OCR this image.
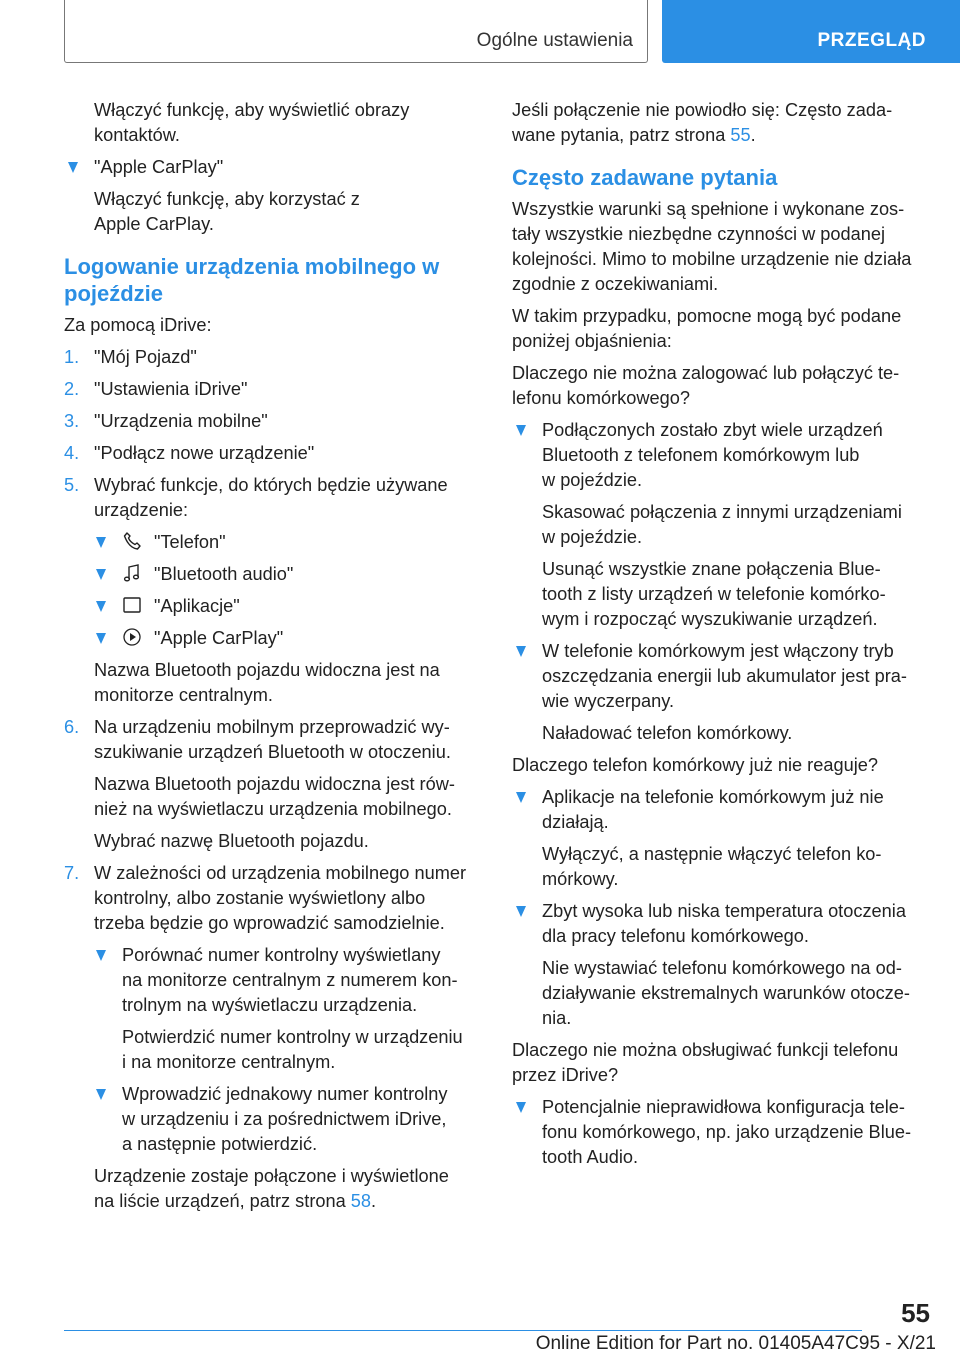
Ogólne ustawienia	PRZEGLĄD
Włączyć funkcję, aby wyświetlić obrazy
kontaktów.
"Apple CarPlay"
Włączyć funkcję, aby korzystać z
Apple CarPlay.
Logowanie urządzenia mobilnego w pojeździe
Za pomocą iDrive:
1. "Mój Pojazd"
2. "Ustawienia iDrive"
3. "Urządzenia mobilne"
4. "Podłącz nowe urządzenie"
5. Wybrać funkcje, do których będzie używane
urządzenie:
"Telefon"
"Bluetooth audio"
"Aplikacje"
"Apple CarPlay"
Nazwa Bluetooth pojazdu widoczna jest na
monitorze centralnym.
6. Na urządzeniu mobilnym przeprowadzić wy-
szukiwanie urządzeń Bluetooth w otoczeniu.
Nazwa Bluetooth pojazdu widoczna jest rów-
nież na wyświetlaczu urządzenia mobilnego.
Wybrać nazwę Bluetooth pojazdu.
7. W zależności od urządzenia mobilnego numer
kontrolny, albo zostanie wyświetlony albo
trzeba będzie go wprowadzić samodzielnie.
Porównać numer kontrolny wyświetlany
na monitorze centralnym z numerem kon-
trolnym na wyświetlaczu urządzenia.
Potwierdzić numer kontrolny w urządzeniu
i na monitorze centralnym.
Wprowadzić jednakowy numer kontrolny
w urządzeniu i za pośrednictwem iDrive,
a następnie potwierdzić.
Urządzenie zostaje połączone i wyświetlone
na liście urządzeń, patrz strona 58.
Jeśli połączenie nie powiodło się: Często zada-
wane pytania, patrz strona 55.
Często zadawane pytania
Wszystkie warunki są spełnione i wykonane zos-
tały wszystkie niezbędne czynności w podanej
kolejności. Mimo to mobilne urządzenie nie działa
zgodnie z oczekiwaniami.
W takim przypadku, pomocne mogą być podane
poniżej objaśnienia:
Dlaczego nie można zalogować lub połączyć te-
lefonu komórkowego?
Podłączonych zostało zbyt wiele urządzeń
Bluetooth z telefonem komórkowym lub
w pojeździe.
Skasować połączenia z innymi urządzeniami
w pojeździe.
Usunąć wszystkie znane połączenia Blue-
tooth z listy urządzeń w telefonie komórko-
wym i rozpocząć wyszukiwanie urządzeń.
W telefonie komórkowym jest włączony tryb
oszczędzania energii lub akumulator jest pra-
wie wyczerpany.
Naładować telefon komórkowy.
Dlaczego telefon komórkowy już nie reaguje?
Aplikacje na telefonie komórkowym już nie
działają.
Wyłączyć, a następnie włączyć telefon ko-
mórkowy.
Zbyt wysoka lub niska temperatura otoczenia
dla pracy telefonu komórkowego.
Nie wystawiać telefonu komórkowego na od-
działywanie ekstremalnych warunków otocze-
nia.
Dlaczego nie można obsługiwać funkcji telefonu
przez iDrive?
Potencjalnie nieprawidłowa konfiguracja tele-
fonu komórkowego, np. jako urządzenie Blue-
tooth Audio.
55
Online Edition for Part no. 01405A47C95 - X/21
